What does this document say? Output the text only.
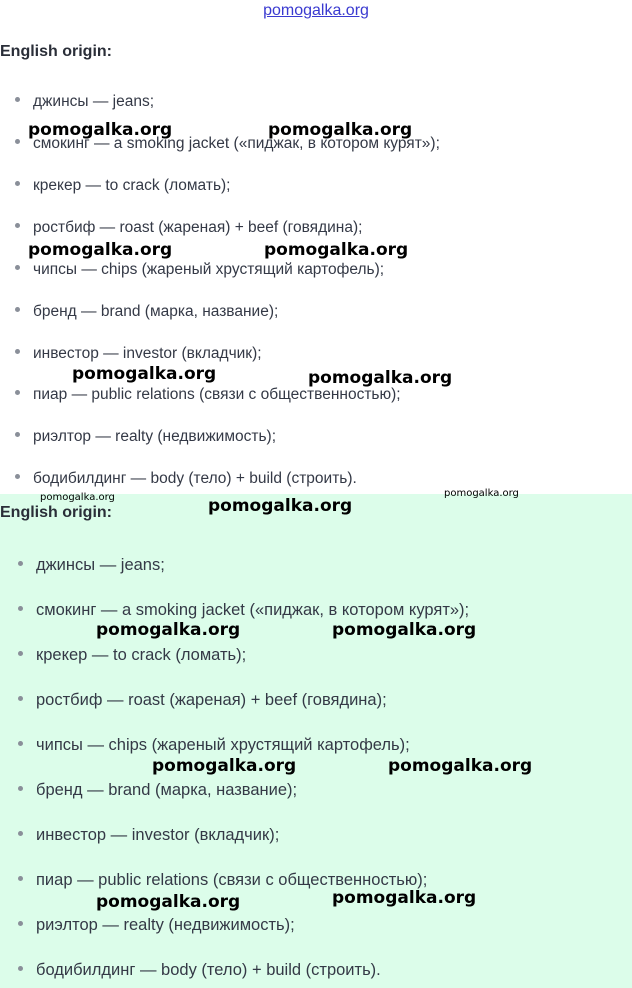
English origin:
джинсы — jeans;
смокинг — a smoking jacket («пиджак, в котором курят»);
крекер — to crack (ломать);
ростбиф — roast (жареная) + beef (говядина);
чипсы — chips (жареный хрустящий картофель);
бренд — brand (марка, название);
инвестор — investor (вкладчик);
пиар — public relations (связи с общественностью);
риэлтор — realty (недвижимость);
бодибилдинг — body (тело) + build (строить).
English origin:
джинсы — jeans;
смокинг — a smoking jacket («пиджак, в котором курят»);
крекер — to crack (ломать);
ростбиф — roast (жареная) + beef (говядина);
чипсы — chips (жареный хрустящий картофель);
бренд — brand (марка, название);
инвестор — investor (вкладчик);
пиар — public relations (связи с общественностью);
риэлтор — realty (недвижимость);
бодибилдинг — body (тело) + build (строить).
pomogalka.org
pomogalka.org	pomogalka.org
pomogalka.org	pomogalka.org
pomogalka.org	pomogalka.org
pomogalka.org	pomogalka.org
pomogalka.org
pomogalka.org	pomogalka.org
pomogalka.org	pomogalka.org
pomogalka.org	pomogalka.org
